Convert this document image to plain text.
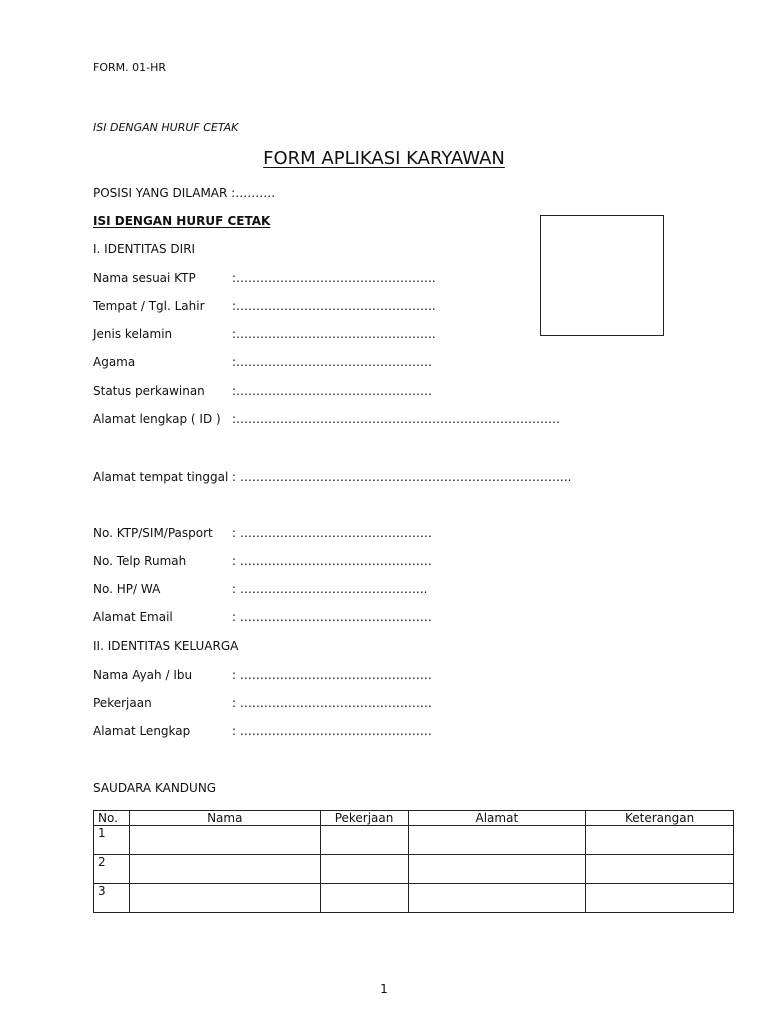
FORM. 01-HR
ISI DENGAN HURUF CETAK
FORM APLIKASI KARYAWAN
POSISI YANG DILAMAR :……….
ISI DENGAN HURUF CETAK
I. IDENTITAS DIRI
Nama sesuai KTP	:…………………………………………..
Tempat / Tgl. Lahir :…………………………………………..
Jenis kelamin	:…………………………………………..
Agama	:………………………………………….
Status perkawinan :………………………………………….
Alamat lengkap ( ID ) :………………………………………………………………………
Alamat tempat tinggal : ………………………………………………………………………..
No. KTP/SIM/Pasport : …………………………………………
No. Telp Rumah	: …………………………………………
No. HP/ WA	: ………………………………………..
Alamat Email	: …………………………………………
II. IDENTITAS KELUARGA
Nama Ayah / Ibu	: …………………………………………
Pekerjaan	: …………………………………………
Alamat Lengkap	: …………………………………………
SAUDARA KANDUNG
No.	Nama	Pekerjaan	Alamat	Keterangan
1				
2				
3				
1
